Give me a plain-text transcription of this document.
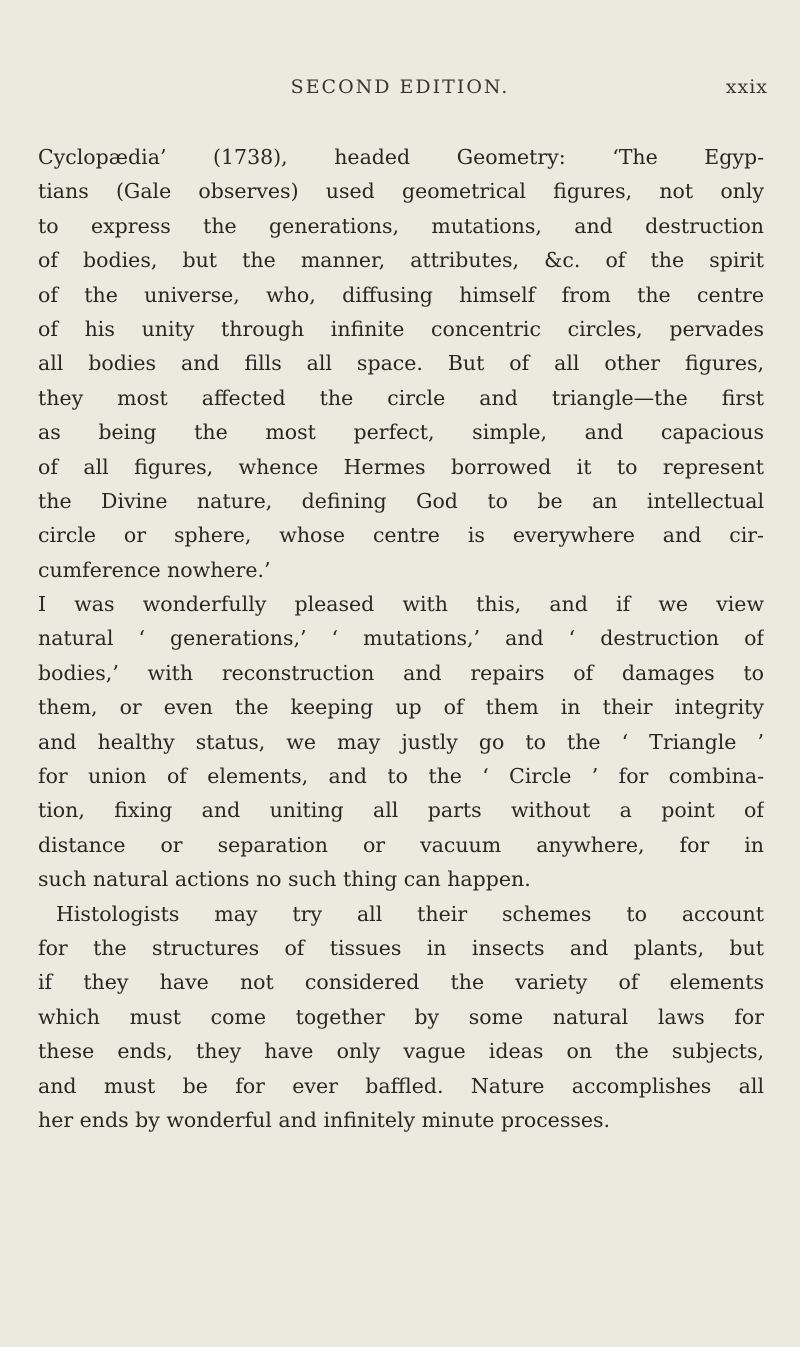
SECOND EDITION.	xxix
Cyclopædia’ (1738), headed Geometry: ‘The Egyp-
tians (Gale observes) used geometrical figures, not only
to express the generations, mutations, and destruction
of bodies, but the manner, attributes, &c. of the spirit
of the universe, who, diffusing himself from the centre
of his unity through infinite concentric circles, pervades
all bodies and fills all space. But of all other figures,
they most affected the circle and triangle—the first
as being the most perfect, simple, and capacious
of all figures, whence Hermes borrowed it to represent
the Divine nature, defining God to be an intellectual
circle or sphere, whose centre is everywhere and cir-
cumference nowhere.’
I was wonderfully pleased with this, and if we view
natural ‘ generations,’ ‘ mutations,’ and ‘ destruction of
bodies,’ with reconstruction and repairs of damages to
them, or even the keeping up of them in their integrity
and healthy status, we may justly go to the ‘ Triangle ’
for union of elements, and to the ‘ Circle ’ for combina-
tion, fixing and uniting all parts without a point of
distance or separation or vacuum anywhere, for in
such natural actions no such thing can happen.
Histologists may try all their schemes to account
for the structures of tissues in insects and plants, but
if they have not considered the variety of elements
which must come together by some natural laws for
these ends, they have only vague ideas on the subjects,
and must be for ever baffled. Nature accomplishes all
her ends by wonderful and infinitely minute processes.
